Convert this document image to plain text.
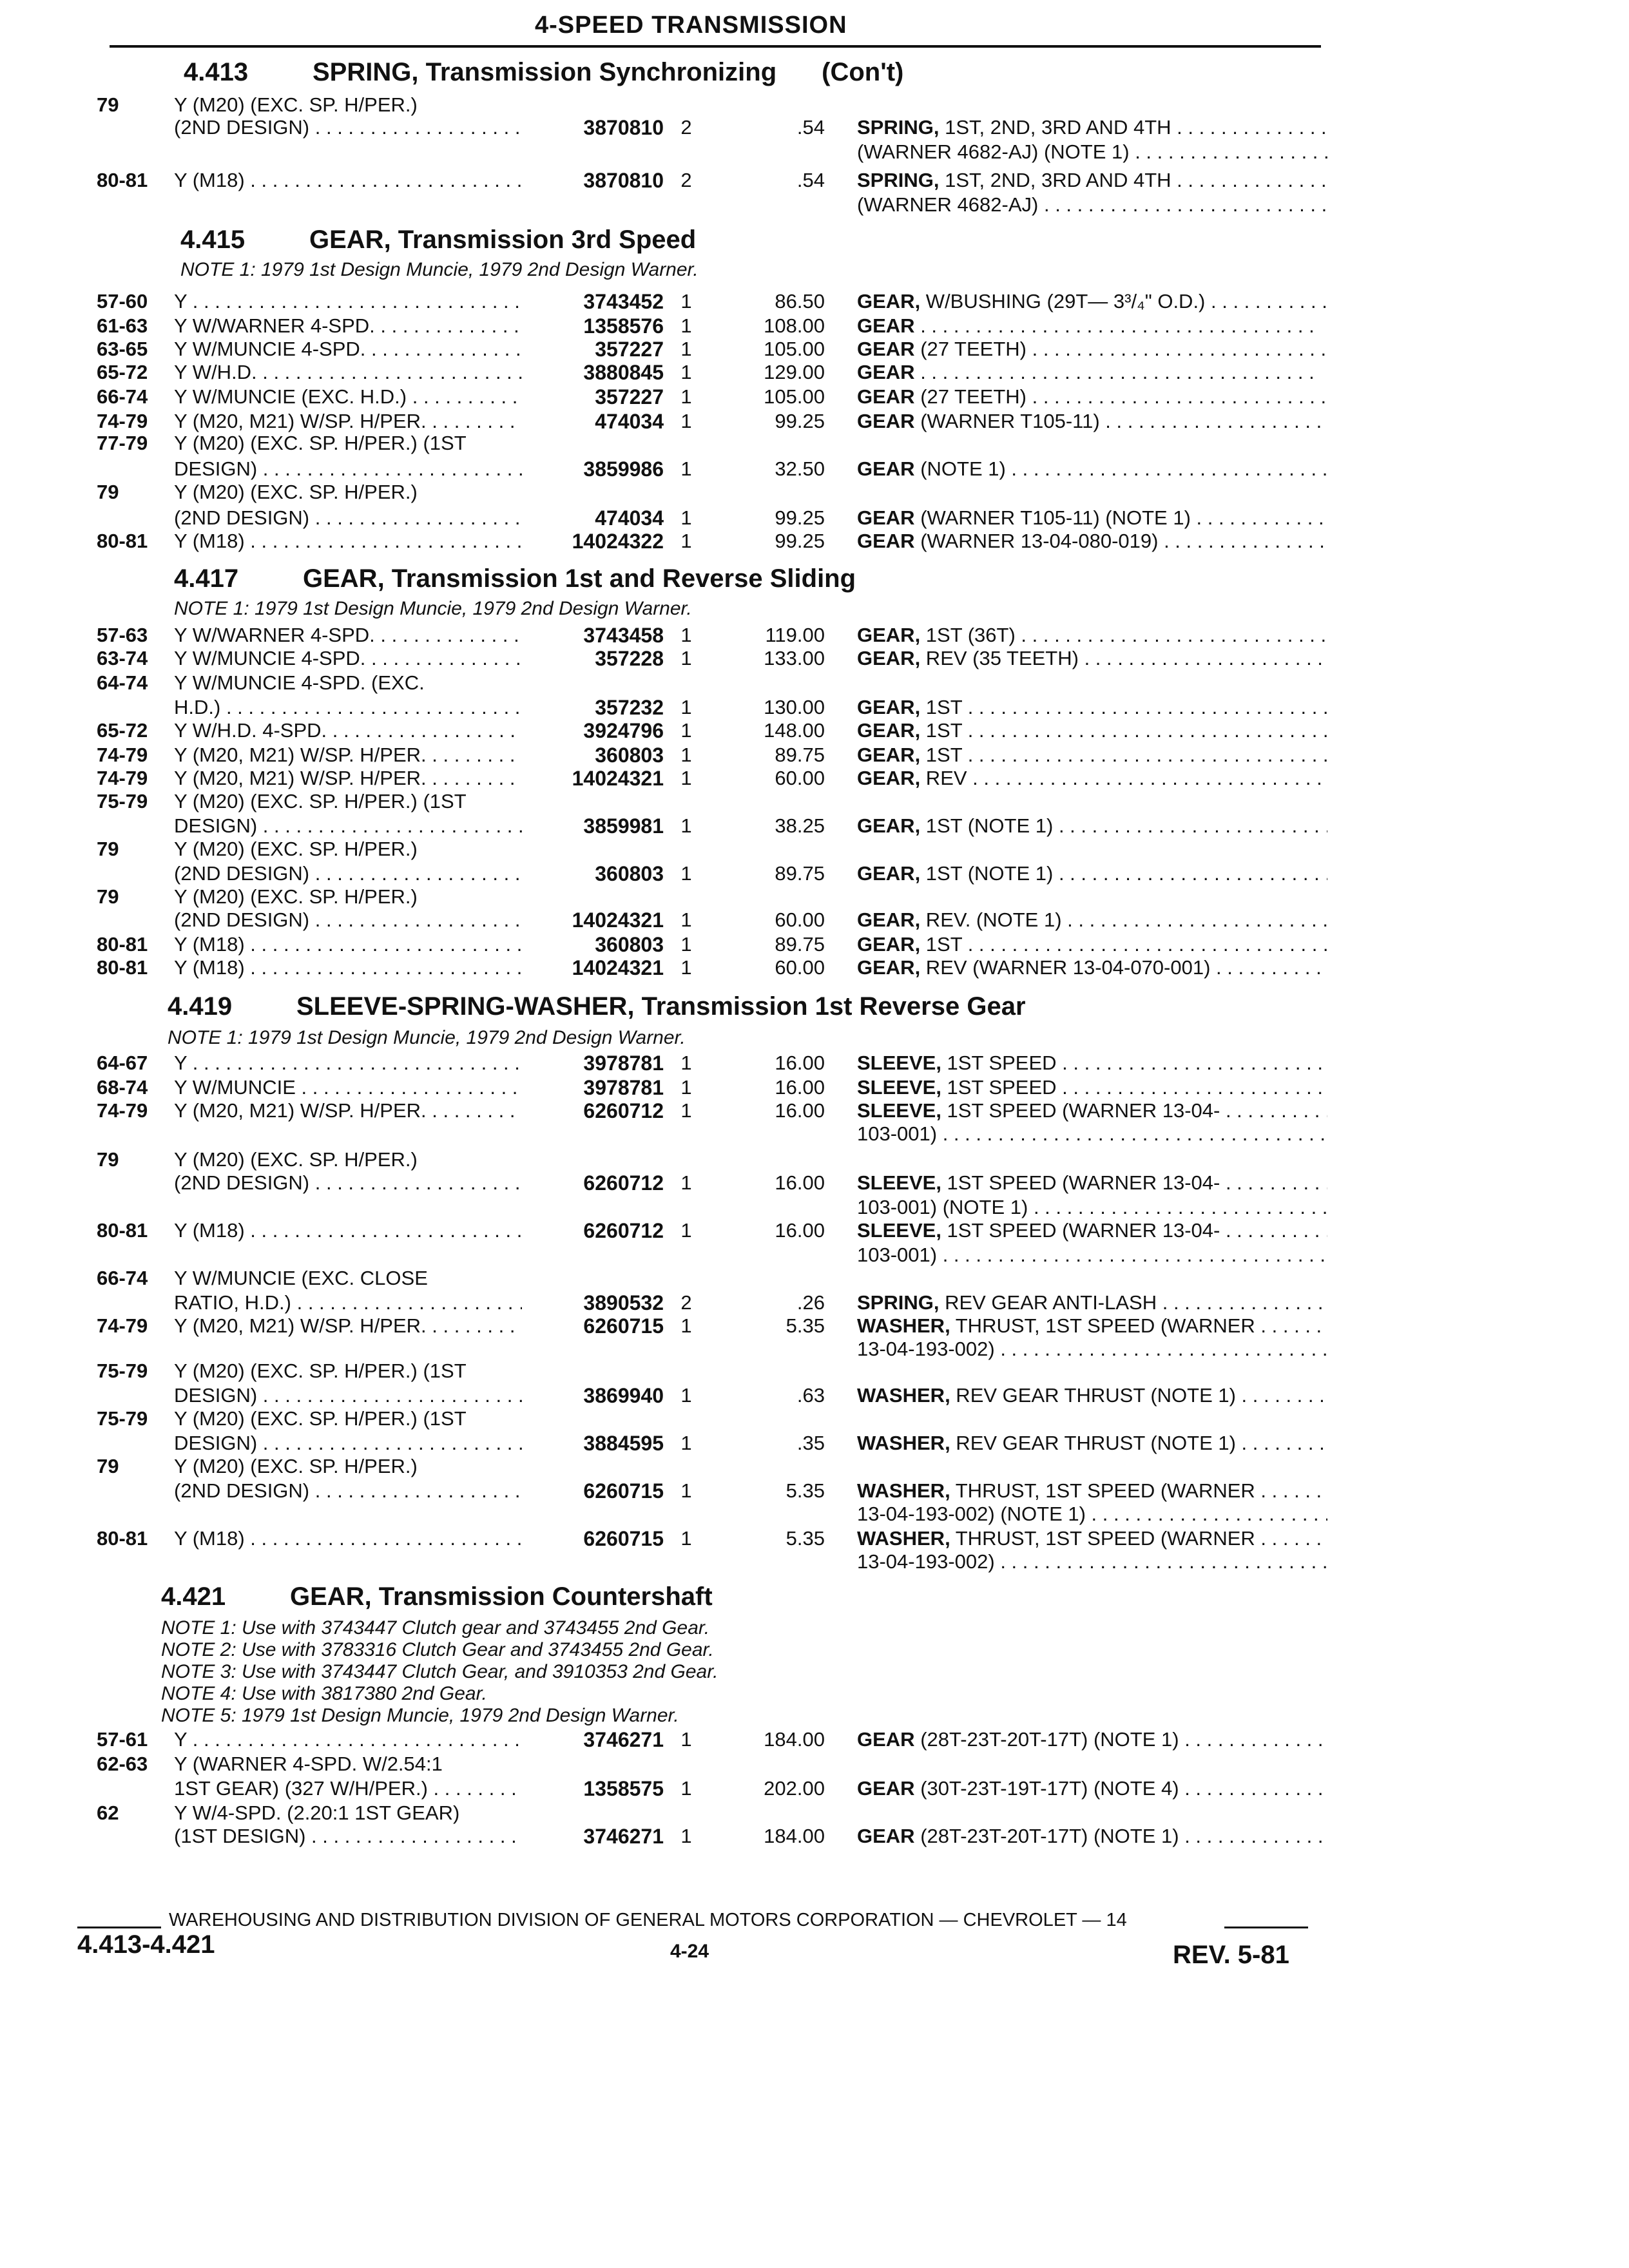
4-SPEED TRANSMISSION
4.413 SPRING, Transmission Synchronizing (Con't)
4.415 GEAR, Transmission 3rd Speed
NOTE 1: 1979 1st Design Muncie, 1979 2nd Design Warner.
4.417 GEAR, Transmission 1st and Reverse Sliding
NOTE 1: 1979 1st Design Muncie, 1979 2nd Design Warner.
4.419 SLEEVE-SPRING-WASHER, Transmission 1st Reverse Gear
NOTE 1: 1979 1st Design Muncie, 1979 2nd Design Warner.
4.421 GEAR, Transmission Countershaft
NOTE 1: Use with 3743447 Clutch gear and 3743455 2nd Gear.
NOTE 2: Use with 3783316 Clutch Gear and 3743455 2nd Gear.
NOTE 3: Use with 3743447 Clutch Gear, and 3910353 2nd Gear.
NOTE 4: Use with 3817380 2nd Gear.
NOTE 5: 1979 1st Design Muncie, 1979 2nd Design Warner.
79	Y (M20) (EXC. SP. H/PER.)
(2ND DESIGN) . . .	3870810 2	.54 SPRING, 1ST, 2ND, 3RD AND 4TH . . .
(WARNER 4682-AJ) (NOTE 1) . . .
80-81 Y (M18) . . .	3870810 2	.54 SPRING, 1ST, 2ND, 3RD AND 4TH . . .
(WARNER 4682-AJ) . . .
57-60 Y . . .	3743452 1	86.50 GEAR, W/BUSHING (29T— 3³/₄" O.D.) . . .
61-63 Y W/WARNER 4-SPD. . . .	1358576 1	108.00 GEAR . . .
63-65 Y W/MUNCIE 4-SPD. . . .	357227 1	105.00 GEAR (27 TEETH) . . .
65-72 Y W/H.D. . . .	3880845 1	129.00 GEAR . . .
66-74 Y W/MUNCIE (EXC. H.D.) . . .	357227 1	105.00 GEAR (27 TEETH) . . .
74-79 Y (M20, M21) W/SP. H/PER. . . .	474034 1	99.25 GEAR (WARNER T105-11) . . .
77-79 Y (M20) (EXC. SP. H/PER.) (1ST
DESIGN) . . .	3859986 1	32.50 GEAR (NOTE 1) . . .
79	Y (M20) (EXC. SP. H/PER.)
(2ND DESIGN) . . .	474034 1	99.25 GEAR (WARNER T105-11) (NOTE 1) . . .
80-81 Y (M18) . . .	14024322 1	99.25 GEAR (WARNER 13-04-080-019) . . .
57-63 Y W/WARNER 4-SPD. . . .	3743458 1	119.00 GEAR, 1ST (36T) . . .
63-74 Y W/MUNCIE 4-SPD. . . .	357228 1	133.00 GEAR, REV (35 TEETH) . . .
64-74 Y W/MUNCIE 4-SPD. (EXC.
H.D.) . . .	357232 1	130.00 GEAR, 1ST . . .
65-72 Y W/H.D. 4-SPD. . . .	3924796 1	148.00 GEAR, 1ST . . .
74-79 Y (M20, M21) W/SP. H/PER. . . .	360803 1	89.75 GEAR, 1ST . . .
74-79 Y (M20, M21) W/SP. H/PER. . . .	14024321 1	60.00 GEAR, REV . . .
75-79 Y (M20) (EXC. SP. H/PER.) (1ST
DESIGN) . . .	3859981 1	38.25 GEAR, 1ST (NOTE 1) . . .
79	Y (M20) (EXC. SP. H/PER.)
(2ND DESIGN) . . .	360803 1	89.75 GEAR, 1ST (NOTE 1) . . .
79	Y (M20) (EXC. SP. H/PER.)
(2ND DESIGN) . . .	14024321 1	60.00 GEAR, REV. (NOTE 1) . . .
80-81 Y (M18) . . .	360803 1	89.75 GEAR, 1ST . . .
80-81 Y (M18) . . .	14024321 1	60.00 GEAR, REV (WARNER 13-04-070-001) . . .
64-67 Y . . .	3978781 1	16.00 SLEEVE, 1ST SPEED . . .
68-74 Y W/MUNCIE . . .	3978781 1	16.00 SLEEVE, 1ST SPEED . . .
74-79 Y (M20, M21) W/SP. H/PER. . . .	6260712 1	16.00 SLEEVE, 1ST SPEED (WARNER 13-04- . . .
103-001) . . .
79	Y (M20) (EXC. SP. H/PER.)
(2ND DESIGN) . . .	6260712 1	16.00 SLEEVE, 1ST SPEED (WARNER 13-04- . . .
103-001) (NOTE 1) . . .
80-81 Y (M18) . . .	6260712 1	16.00 SLEEVE, 1ST SPEED (WARNER 13-04- . . .
103-001) . . .
66-74 Y W/MUNCIE (EXC. CLOSE
RATIO, H.D.) . . .	3890532 2	.26 SPRING, REV GEAR ANTI-LASH . . .
74-79 Y (M20, M21) W/SP. H/PER. . . .	6260715 1	5.35 WASHER, THRUST, 1ST SPEED (WARNER . . .
13-04-193-002) . . .
75-79 Y (M20) (EXC. SP. H/PER.) (1ST
DESIGN) . . .	3869940 1	.63 WASHER, REV GEAR THRUST (NOTE 1) . . .
75-79 Y (M20) (EXC. SP. H/PER.) (1ST
DESIGN) . . .	3884595 1	.35 WASHER, REV GEAR THRUST (NOTE 1) . . .
79	Y (M20) (EXC. SP. H/PER.)
(2ND DESIGN) . . .	6260715 1	5.35 WASHER, THRUST, 1ST SPEED (WARNER . . .
13-04-193-002) (NOTE 1) . . .
80-81 Y (M18) . . .	6260715 1	5.35 WASHER, THRUST, 1ST SPEED (WARNER . . .
13-04-193-002) . . .
57-61 Y . . .	3746271 1	184.00 GEAR (28T-23T-20T-17T) (NOTE 1) . . .
62-63 Y (WARNER 4-SPD. W/2.54:1
1ST GEAR) (327 W/H/PER.) . . .	1358575 1	202.00 GEAR (30T-23T-19T-17T) (NOTE 4) . . .
62	Y W/4-SPD. (2.20:1 1ST GEAR)
(1ST DESIGN) . . .	3746271 1	184.00 GEAR (28T-23T-20T-17T) (NOTE 1) . . .
WAREHOUSING AND DISTRIBUTION DIVISION OF GENERAL MOTORS CORPORATION — CHEVROLET — 14
4.413-4.421	4-24	REV. 5-81
